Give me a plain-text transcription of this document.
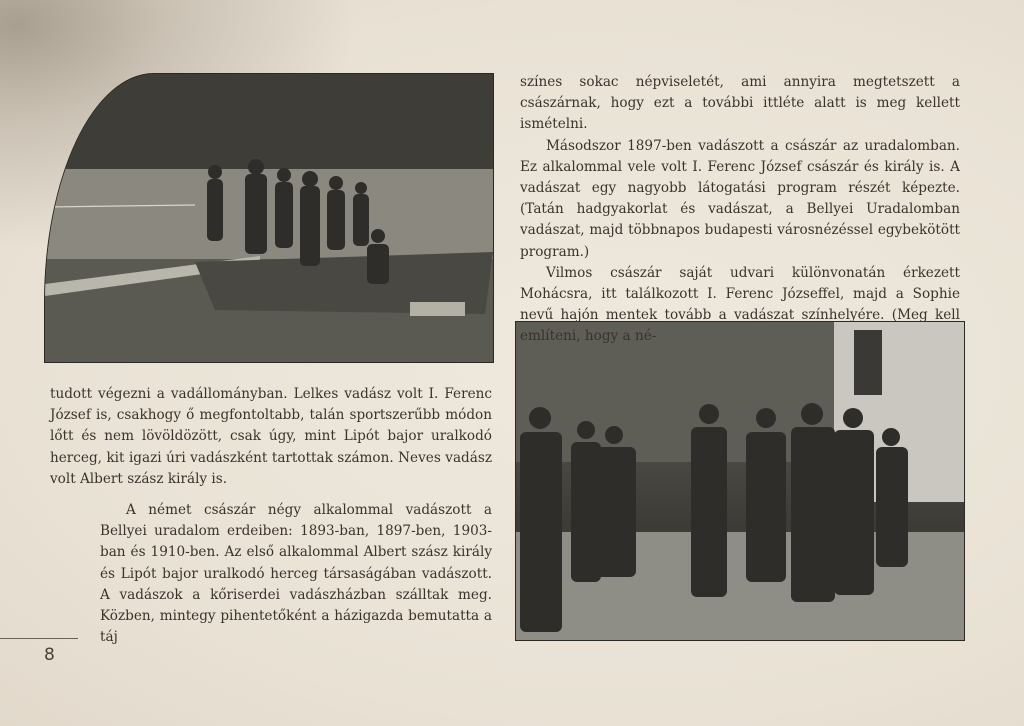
színes sokac népviseletét, ami annyira megtetszett a császárnak, hogy ezt a további ittléte alatt is meg kellett ismételni.

Másodszor 1897-ben vadászott a császár az uradalomban. Ez alkalommal vele volt I. Ferenc József császár és király is. A vadászat egy nagyobb látogatási program részét képezte. (Tatán hadgyakorlat és vadászat, a Bellyei Uradalomban vadászat, majd többnapos budapesti városnézéssel egybekötött program.)

Vilmos császár saját udvari különvonatán érkezett Mohácsra, itt találkozott I. Ferenc Józseffel, majd a Sophie nevű hajón mentek tovább a vadászat színhelyére. (Meg kell említeni, hogy a né-

tudott végezni a vadállományban. Lelkes vadász volt I. Ferenc József is, csakhogy ő megfontoltabb, talán sportszerűbb módon lőtt és nem lövöldözött, csak úgy, mint Lipót bajor uralkodó herceg, kit igazi úri vadászként tartottak számon. Neves vadász volt Albert szász király is.

A német császár négy alkalommal vadászott a Bellyei uradalom erdeiben: 1893-ban, 1897-ben, 1903-ban és 1910-ben. Az első alkalommal Albert szász király és Lipót bajor uralkodó herceg társaságában vadászott. A vadászok a kőriserdei vadászházban szálltak meg. Közben, mintegy pihentetőként a házigazda bemutatta a táj

8
